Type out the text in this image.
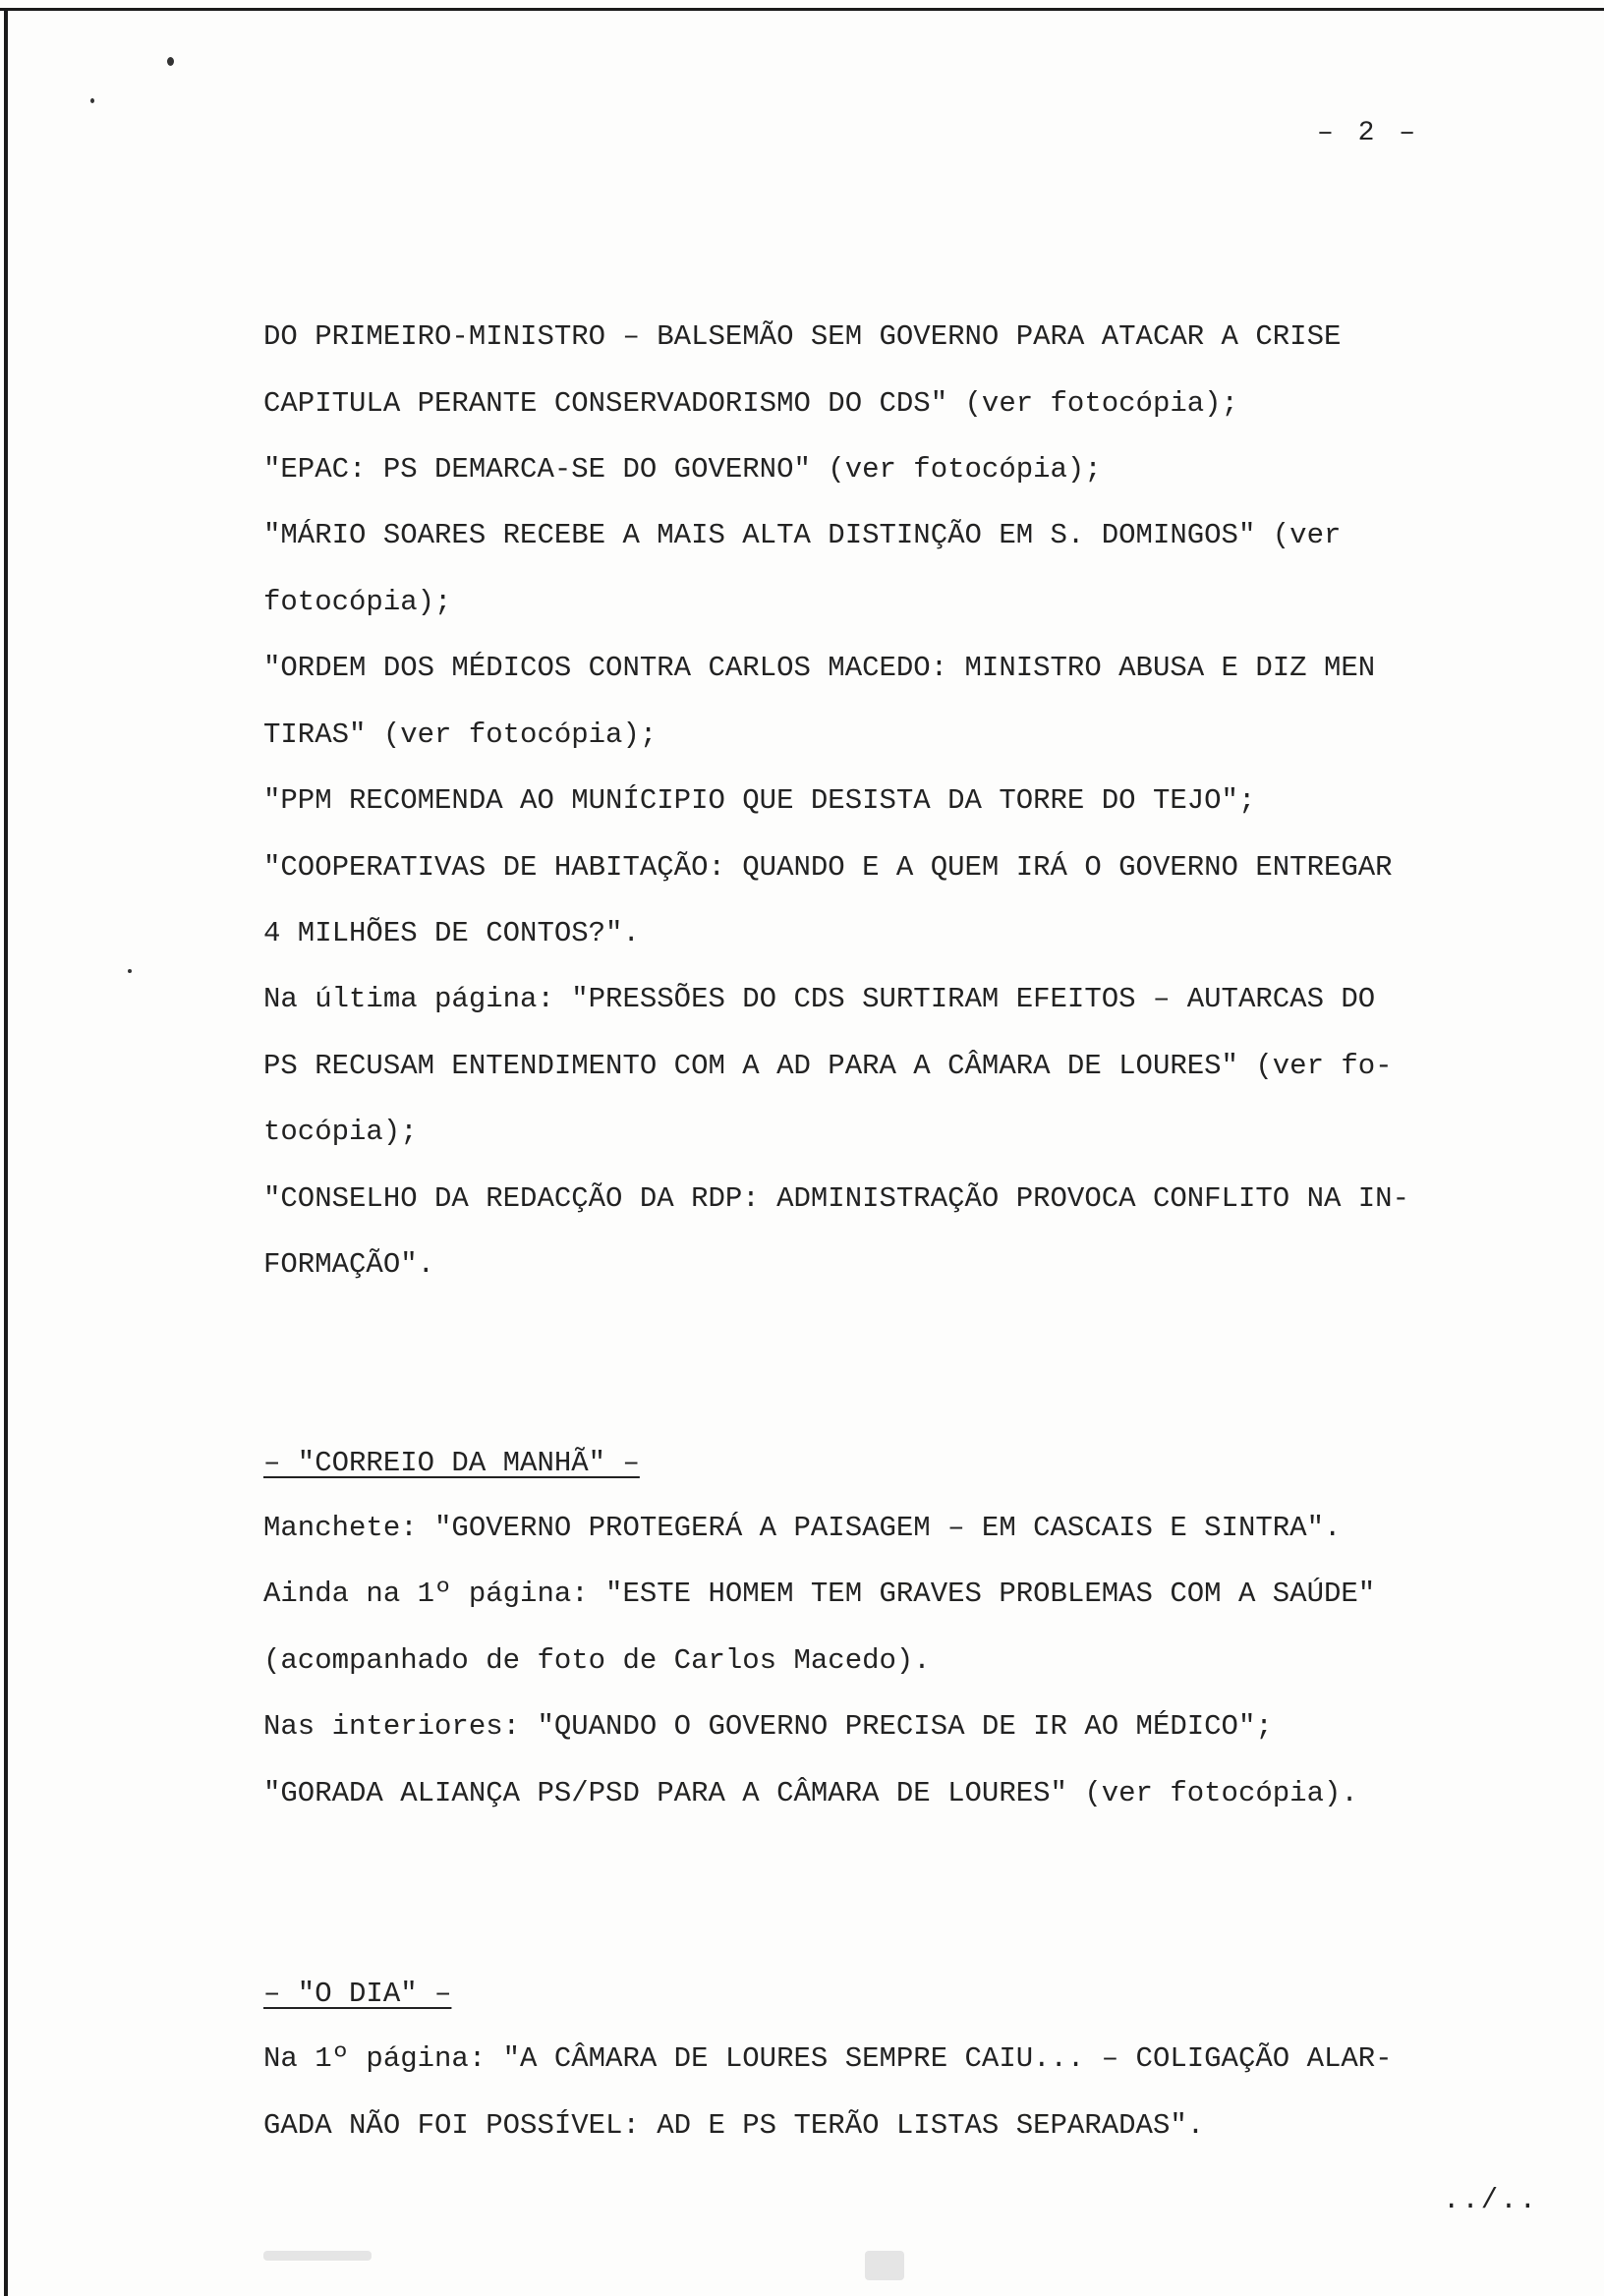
– 2 –
DO PRIMEIRO-MINISTRO – BALSEMÃO SEM GOVERNO PARA ATACAR A CRISE
CAPITULA PERANTE CONSERVADORISMO DO CDS" (ver fotocópia);
"EPAC: PS DEMARCA-SE DO GOVERNO" (ver fotocópia);
"MÁRIO SOARES RECEBE A MAIS ALTA DISTINÇÃO EM S. DOMINGOS" (ver
fotocópia);
"ORDEM DOS MÉDICOS CONTRA CARLOS MACEDO: MINISTRO ABUSA E DIZ MEN
TIRAS" (ver fotocópia);
"PPM RECOMENDA AO MUNÍCIPIO QUE DESISTA DA TORRE DO TEJO";
"COOPERATIVAS DE HABITAÇÃO: QUANDO E A QUEM IRÁ O GOVERNO ENTREGAR
4 MILHÕES DE CONTOS?".
Na última página: "PRESSÕES DO CDS SURTIRAM EFEITOS – AUTARCAS DO
PS RECUSAM ENTENDIMENTO COM A AD PARA A CÂMARA DE LOURES" (ver fo-
tocópia);
"CONSELHO DA REDACÇÃO DA RDP: ADMINISTRAÇÃO PROVOCA CONFLITO NA IN-
FORMAÇÃO".
– "CORREIO DA MANHÃ" –
Manchete: "GOVERNO PROTEGERÁ A PAISAGEM – EM CASCAIS E SINTRA".
Ainda na 1º página: "ESTE HOMEM TEM GRAVES PROBLEMAS COM A SAÚDE"
(acompanhado de foto de Carlos Macedo).
Nas interiores: "QUANDO O GOVERNO PRECISA DE IR AO MÉDICO";
"GORADA ALIANÇA PS/PSD PARA A CÂMARA DE LOURES" (ver fotocópia).
– "O DIA" –
Na 1º página: "A CÂMARA DE LOURES SEMPRE CAIU... – COLIGAÇÃO ALAR-
GADA NÃO FOI POSSÍVEL: AD E PS TERÃO LISTAS SEPARADAS".
../..
